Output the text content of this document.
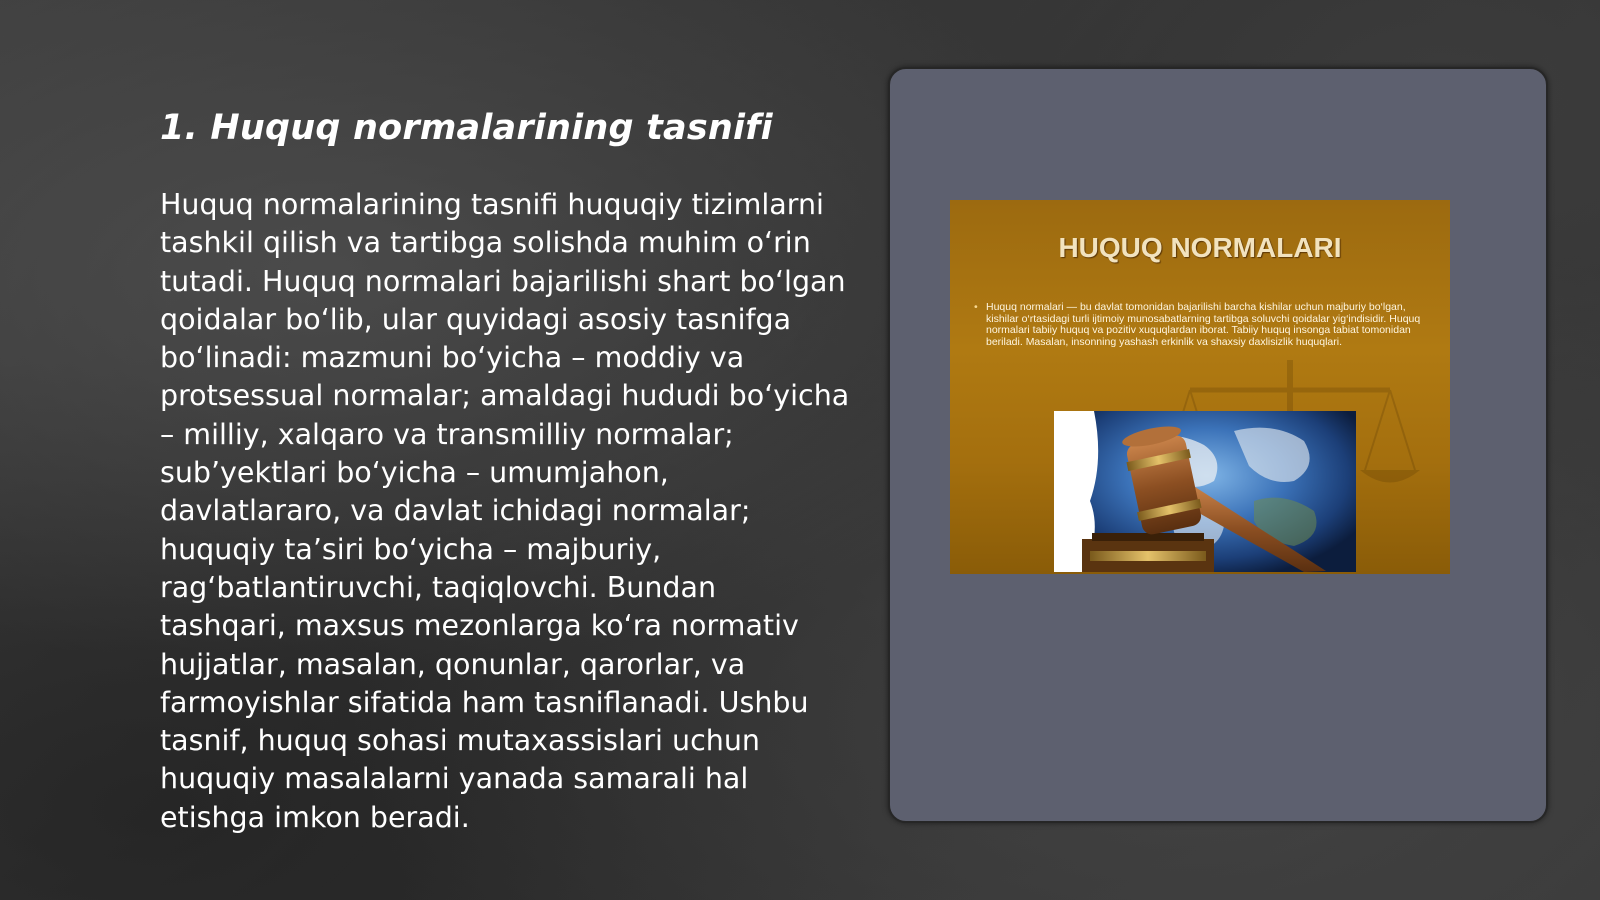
1. Huquq normalarining tasnifi

Huquq normalarining tasnifi huquqiy tizimlarni tashkil qilish va tartibga solishda muhim o‘rin tutadi. Huquq normalari bajarilishi shart bo‘lgan qoidalar bo‘lib, ular quyidagi asosiy tasnifga bo‘linadi: mazmuni bo‘yicha – moddiy va protsessual normalar; amaldagi hududi bo‘yicha – milliy, xalqaro va transmilliy normalar; sub’yektlari bo‘yicha – umumjahon, davlatlararo, va davlat ichidagi normalar; huquqiy ta’siri bo‘yicha – majburiy, rag‘batlantiruvchi, taqiqlovchi. Bundan tashqari, maxsus mezonlarga ko‘ra normativ hujjatlar, masalan, qonunlar, qarorlar, va farmoyishlar sifatida ham tasniflanadi. Ushbu tasnif, huquq sohasi mutaxassislari uchun huquqiy masalalarni yanada samarali hal etishga imkon beradi.

HUQUQ NORMALARI

• Huquq normalari — bu davlat tomonidan bajarilishi barcha kishilar uchun majburiy bo‘lgan, kishilar o‘rtasidagi turli ijtimoiy munosabatlarning tartibga soluvchi qoidalar yig‘indisidir. Huquq normalari tabiiy huquq va pozitiv xuquqlardan iborat. Tabiiy huquq insonga tabiat tomonidan beriladi. Masalan, insonning yashash erkinlik va shaxsiy daxlisizlik huquqlari.
